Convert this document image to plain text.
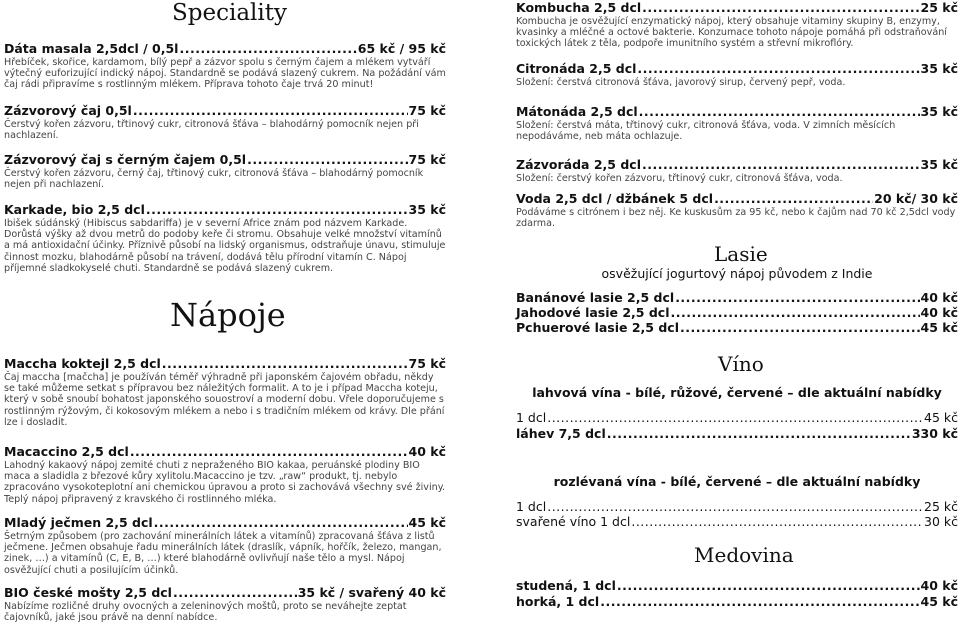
Speciality
Dáta masala 2,5dcl / 0,5l .....	65 kč / 95 kč
Hřebíček, skořice, kardamom, bílý pepř a zázvor spolu s černým čajem a mlékem vytváří výtečný euforizující indický nápoj. Standardně se podává slazený cukrem. Na požádání vám čaj rádi připravíme s rostlinným mlékem. Příprava tohoto čaje trvá 20 minut!
Zázvorový čaj 0,5l .....	75 kč
Čerstvý kořen zázvoru, třtinový cukr, citronová šťáva – blahodárný pomocník nejen při nachlazení.
Zázvorový čaj s černým čajem 0,5l .....	75 kč
Čerstvý kořen zázvoru, černý čaj, třtinový cukr, citronová šťáva – blahodárný pomocník nejen při nachlazení.
Karkade, bio 2,5 dcl .....	35 kč
Ibišek súdánský (Hibiscus sabdariffa) je v severní Africe znám pod názvem Karkade. Dorůstá výšky až dvou metrů do podoby keře či stromu. Obsahuje velké množství vitamínů a má antioxidační účinky. Příznivě působí na lidský organismus, odstraňuje únavu, stimuluje činnost mozku, blahodárně působí na trávení, dodává tělu přírodní vitamín C. Nápoj příjemné sladkokyselé chuti. Standardně se podává slazený cukrem.
Nápoje
Maccha koktejl 2,5 dcl .....	75 kč
Čaj maccha [mačcha] je používán téměř výhradně při japonském čajovém obřadu, někdy se také můžeme setkat s přípravou bez náležitých formalit. A to je i případ Maccha koteju, který v sobě snoubí bohatost japonského souostroví a moderní dobu. Vřele doporučujeme s rostlinným rýžovým, či kokosovým mlékem a nebo i s tradičním mlékem od krávy. Dle přání lze i dosladit.
Macaccino 2,5 dcl .....	40 kč
Lahodný kakaový nápoj zemité chuti z nepraženého BIO kakaa, peruánské plodiny BIO maca a sladidla z březové kůry xylitolu.Macaccino je tzv. „raw“ produkt, tj. nebylo zpracováno vysokoteplotní ani chemickou úpravou a proto si zachovává všechny své živiny. Teplý nápoj připravený z kravského či rostlinného mléka.
Mladý ječmen 2,5 dcl .....	45 kč
Šetrným způsobem (pro zachování minerálních látek a vitamínů) zpracovaná šťáva z listů ječmene. Ječmen obsahuje řadu minerálních látek (draslík, vápník, hořčík, železo, mangan, zinek, …) a vitamínů (C, E, B, …) které blahodárně ovlivňují naše tělo a mysl. Nápoj osvěžující chuti a posilujícím účinků.
BIO české mošty 2,5 dcl .....	35 kč / svařený 40 kč
Nabízíme rozličné druhy ovocných a zeleninových moštů, proto se neváhejte zeptat čajovníků, jaké jsou právě na denní nabídce.
Kombucha 2,5 dcl .....	25 kč
Kombucha je osvěžující enzymatický nápoj, který obsahuje vitaminy skupiny B, enzymy, kvasinky a mléčné a octové bakterie. Konzumace tohoto nápoje pomáhá při odstraňování toxických látek z těla, podpoře imunitního systém a střevní mikroflóry.
Citronáda 2,5 dcl .....	35 kč
Složení: čerstvá citronová šťáva, javorový sirup, červený pepř, voda.
Mátonáda 2,5 dcl .....	35 kč
Složení: čerstvá máta, třtinový cukr, citronová šťáva, voda. V zimních měsících nepodáváme, neb máta ochlazuje.
Zázvoráda 2,5 dcl .....	35 kč
Složení: čerstvý kořen zázvoru, třtinový cukr, citronová šťáva, voda.
Voda 2,5 dcl / džbánek 5 dcl .....	20 kč/ 30 kč
Podáváme s citrónem i bez něj. Ke kuskusům za 95 kč, nebo k čajům nad 70 kč 2,5dcl vody zdarma.
Lasie
osvěžující jogurtový nápoj původem z Indie
Banánové lasie 2,5 dcl .....	40 kč
Jahodové lasie 2,5 dcl .....	40 kč
Pchuerové lasie 2,5 dcl .....	45 kč
Víno
lahvová vína - bílé, růžové, červené – dle aktuální nabídky
1 dcl .....	45 kč
láhev 7,5 dcl .....	330 kč
rozlévaná vína - bílé, červené – dle aktuální nabídky
1 dcl .....	25 kč
svařené víno 1 dcl .....	30 kč
Medovina
studená, 1 dcl .....	40 kč
horká, 1 dcl .....	45 kč
